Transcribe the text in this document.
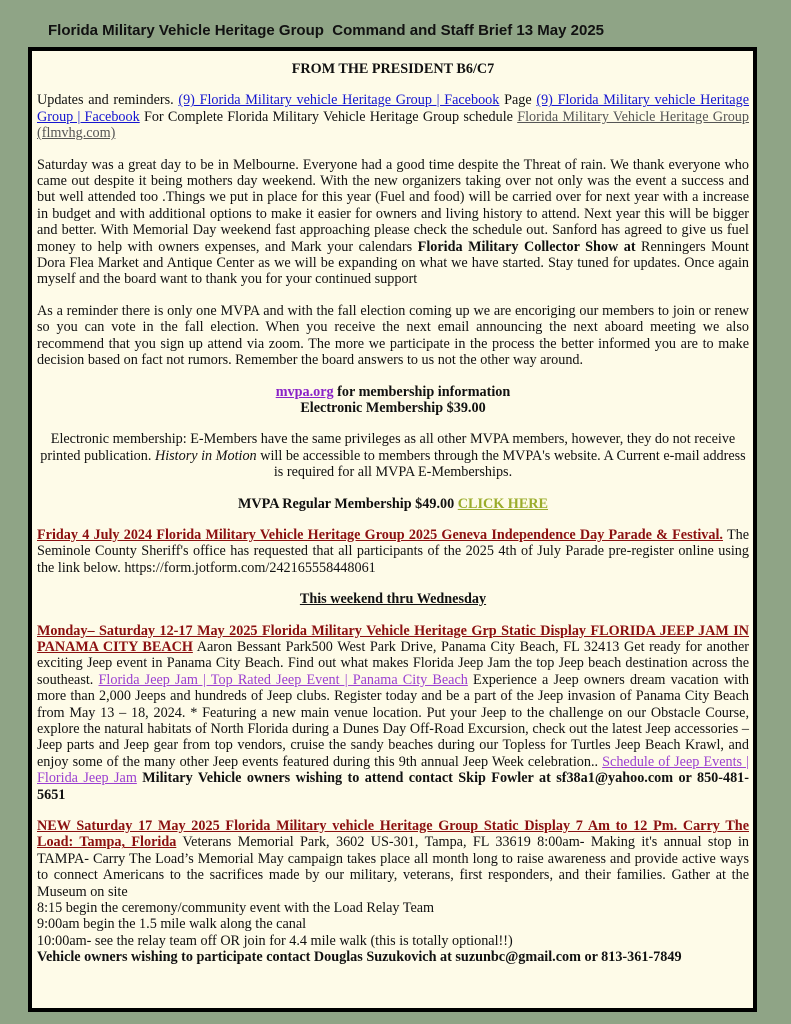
Florida Military Vehicle Heritage Group Command and Staff Brief 13 May 2025

FROM THE PRESIDENT B6/C7

Updates and reminders. (9) Florida Military vehicle Heritage Group | Facebook Page (9) Florida Military vehicle Heritage Group | Facebook For Complete Florida Military Vehicle Heritage Group schedule Florida Military Vehicle Heritage Group (flmvhg.com)

Saturday was a great day to be in Melbourne. Everyone had a good time despite the Threat of rain. We thank everyone who came out despite it being mothers day weekend. With the new organizers taking over not only was the event a success and but well attended too .Things we put in place for this year (Fuel and food) will be carried over for next year with a increase in budget and with additional options to make it easier for owners and living history to attend. Next year this will be bigger and better. With Memorial Day weekend fast approaching please check the schedule out. Sanford has agreed to give us fuel money to help with owners expenses, and Mark your calendars Florida Military Collector Show at Renningers Mount Dora Flea Market and Antique Center as we will be expanding on what we have started. Stay tuned for updates. Once again myself and the board want to thank you for your continued support

As a reminder there is only one MVPA and with the fall election coming up we are encoriging our members to join or renew so you can vote in the fall election. When you receive the next email announcing the next aboard meeting we also recommend that you sign up attend via zoom. The more we participate in the process the better informed you are to make decision based on fact not rumors. Remember the board answers to us not the other way around.

mvpa.org for membership information

Electronic Membership $39.00

Electronic membership: E-Members have the same privileges as all other MVPA members, however, they do not receive printed publication. History in Motion will be accessible to members through the MVPA's website. A Current e-mail address is required for all MVPA E-Memberships.

MVPA Regular Membership $49.00 CLICK HERE

Friday 4 July 2024 Florida Military Vehicle Heritage Group 2025 Geneva Independence Day Parade & Festival. The Seminole County Sheriff's office has requested that all participants of the 2025 4th of July Parade pre-register online using the link below. https://form.jotform.com/242165558448061

This weekend thru Wednesday

Monday– Saturday 12-17 May 2025 Florida Military Vehicle Heritage Grp Static Display FLORIDA JEEP JAM IN PANAMA CITY BEACH Aaron Bessant Park500 West Park Drive, Panama City Beach, FL 32413 Get ready for another exciting Jeep event in Panama City Beach. Find out what makes Florida Jeep Jam the top Jeep beach destination across the southeast. Florida Jeep Jam | Top Rated Jeep Event | Panama City Beach Experience a Jeep owners dream vacation with more than 2,000 Jeeps and hundreds of Jeep clubs. Register today and be a part of the Jeep invasion of Panama City Beach from May 13 – 18, 2024. * Featuring a new main venue location. Put your Jeep to the challenge on our Obstacle Course, explore the natural habitats of North Florida during a Dunes Day Off-Road Excursion, check out the latest Jeep accessories – Jeep parts and Jeep gear from top vendors, cruise the sandy beaches during our Topless for Turtles Jeep Beach Krawl, and enjoy some of the many other Jeep events featured during this 9th annual Jeep Week celebration.. Schedule of Jeep Events | Florida Jeep Jam Military Vehicle owners wishing to attend contact Skip Fowler at sf38a1@yahoo.com or 850-481-5651

NEW Saturday 17 May 2025 Florida Military vehicle Heritage Group Static Display 7 Am to 12 Pm. Carry The Load: Tampa, Florida Veterans Memorial Park, 3602 US-301, Tampa, FL 33619 8:00am- Making it's annual stop in TAMPA- Carry The Load’s Memorial May campaign takes place all month long to raise awareness and provide active ways to connect Americans to the sacrifices made by our military, veterans, first responders, and their families. Gather at the Museum on site

8:15 begin the ceremony/community event with the Load Relay Team

9:00am begin the 1.5 mile walk along the canal

10:00am- see the relay team off OR join for 4.4 mile walk (this is totally optional!!)

Vehicle owners wishing to participate contact Douglas Suzukovich at suzunbc@gmail.com or 813-361-7849
